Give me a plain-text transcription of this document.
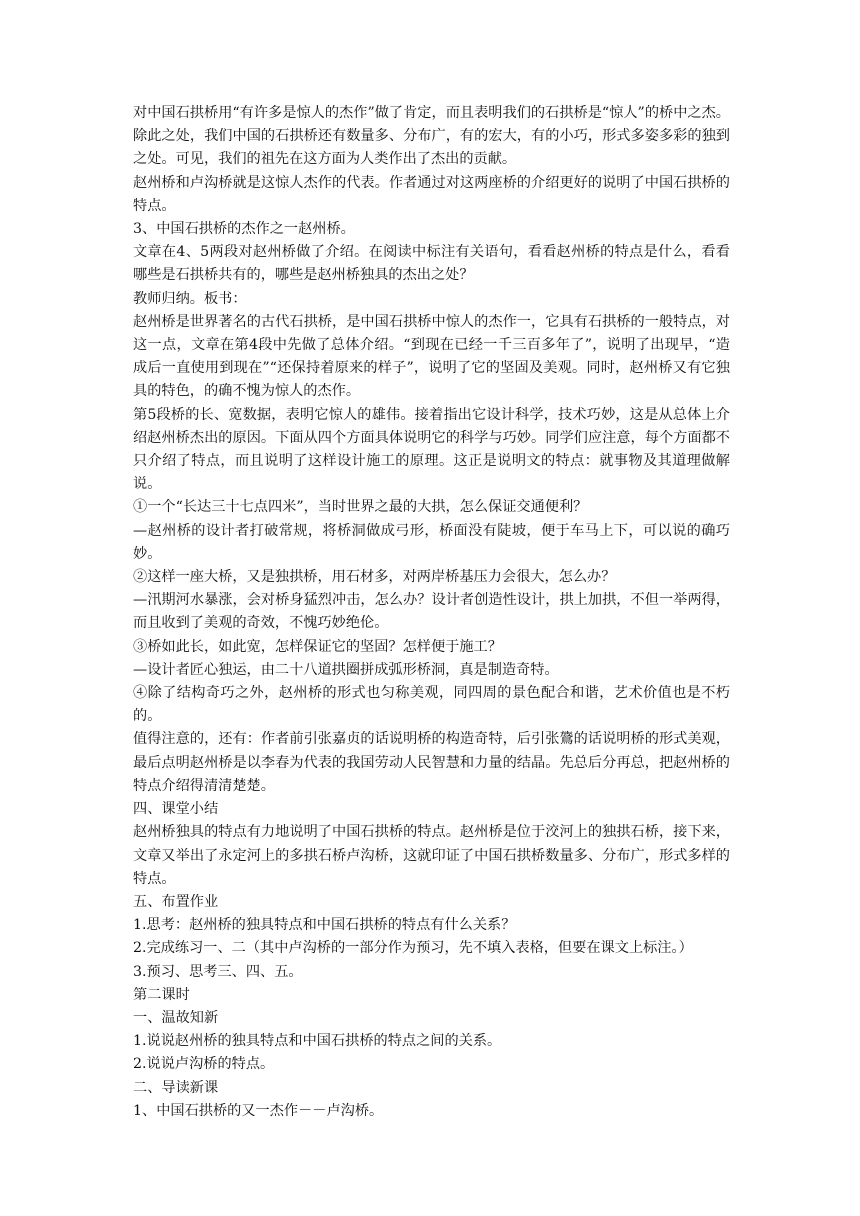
对中国石拱桥用“有许多是惊人的杰作”做了肯定，而且表明我们的石拱桥是“惊人”的桥中之杰。除此之处，我们中国的石拱桥还有数量多、分布广，有的宏大，有的小巧，形式多姿多彩的独到之处。可见，我们的祖先在这方面为人类作出了杰出的贡献。

赵州桥和卢沟桥就是这惊人杰作的代表。作者通过对这两座桥的介绍更好的说明了中国石拱桥的特点。

3、中国石拱桥的杰作之一赵州桥。

文章在4、5两段对赵州桥做了介绍。在阅读中标注有关语句，看看赵州桥的特点是什么，看看哪些是石拱桥共有的，哪些是赵州桥独具的杰出之处？

教师归纳。板书：

赵州桥是世界著名的古代石拱桥，是中国石拱桥中惊人的杰作一，它具有石拱桥的一般特点，对这一点，文章在第4段中先做了总体介绍。“到现在已经一千三百多年了”，说明了出现早，“造成后一直使用到现在”“还保持着原来的样子”，说明了它的坚固及美观。同时，赵州桥又有它独具的特色，的确不愧为惊人的杰作。

第5段桥的长、宽数据，表明它惊人的雄伟。接着指出它设计科学，技术巧妙，这是从总体上介绍赵州桥杰出的原因。下面从四个方面具体说明它的科学与巧妙。同学们应注意，每个方面都不只介绍了特点，而且说明了这样设计施工的原理。这正是说明文的特点：就事物及其道理做解说。

①一个“长达三十七点四米”，当时世界之最的大拱，怎么保证交通便利？

—赵州桥的设计者打破常规，将桥洞做成弓形，桥面没有陡坡，便于车马上下，可以说的确巧妙。

②这样一座大桥，又是独拱桥，用石材多，对两岸桥基压力会很大，怎么办？

—汛期河水暴涨，会对桥身猛烈冲击，怎么办？设计者创造性设计，拱上加拱，不但一举两得，而且收到了美观的奇效，不愧巧妙绝伦。

③桥如此长，如此宽，怎样保证它的坚固？怎样便于施工？

—设计者匠心独运，由二十八道拱圈拼成弧形桥洞，真是制造奇特。

④除了结构奇巧之外，赵州桥的形式也匀称美观，同四周的景色配合和谐，艺术价值也是不朽的。

值得注意的，还有：作者前引张嘉贞的话说明桥的构造奇特，后引张鷟的话说明桥的形式美观，最后点明赵州桥是以李春为代表的我国劳动人民智慧和力量的结晶。先总后分再总，把赵州桥的特点介绍得清清楚楚。

四、课堂小结

赵州桥独具的特点有力地说明了中国石拱桥的特点。赵州桥是位于洨河上的独拱石桥，接下来，文章又举出了永定河上的多拱石桥卢沟桥，这就印证了中国石拱桥数量多、分布广，形式多样的特点。

五、布置作业

1.思考：赵州桥的独具特点和中国石拱桥的特点有什么关系？

2.完成练习一、二（其中卢沟桥的一部分作为预习，先不填入表格，但要在课文上标注。）

3.预习、思考三、四、五。

第二课时

一、温故知新

1.说说赵州桥的独具特点和中国石拱桥的特点之间的关系。

2.说说卢沟桥的特点。

二、导读新课

1、中国石拱桥的又一杰作－－卢沟桥。
